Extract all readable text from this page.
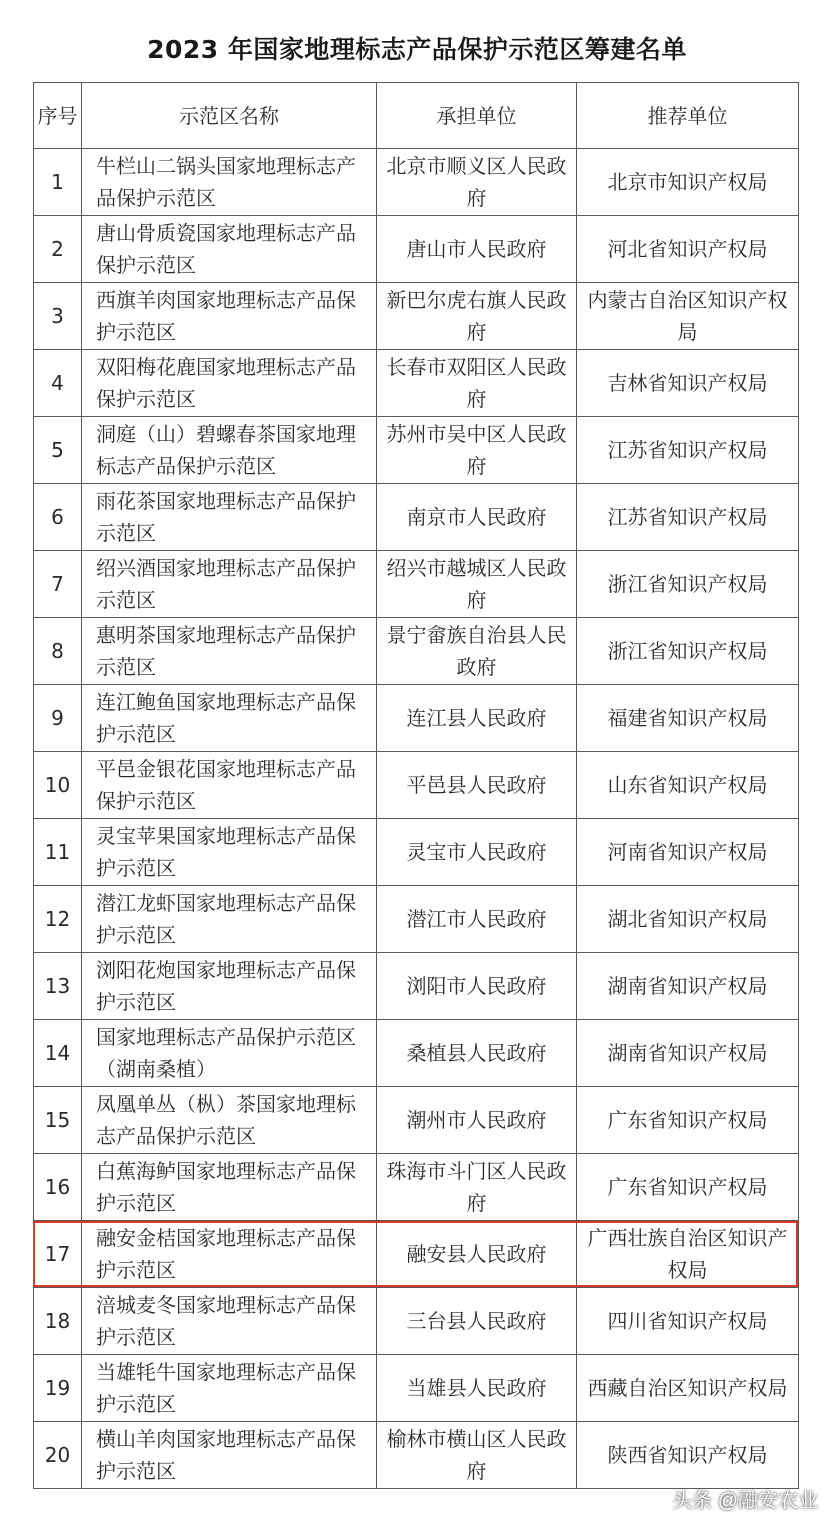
2023 年国家地理标志产品保护示范区筹建名单
序号	示范区名称	承担单位	推荐单位

1	牛栏山二锅头国家地理标志产品保护示范区	北京市顺义区人民政府	北京市知识产权局

2	唐山骨质瓷国家地理标志产品保护示范区	唐山市人民政府	河北省知识产权局

3	西旗羊肉国家地理标志产品保护示范区	新巴尔虎右旗人民政府	内蒙古自治区知识产权局

4	双阳梅花鹿国家地理标志产品保护示范区	长春市双阳区人民政府	吉林省知识产权局

5	洞庭（山）碧螺春茶国家地理标志产品保护示范区	苏州市吴中区人民政府	江苏省知识产权局

6	雨花茶国家地理标志产品保护示范区	南京市人民政府	江苏省知识产权局

7	绍兴酒国家地理标志产品保护示范区	绍兴市越城区人民政府	浙江省知识产权局

8	惠明茶国家地理标志产品保护示范区	景宁畲族自治县人民政府	浙江省知识产权局

9	连江鲍鱼国家地理标志产品保护示范区	连江县人民政府	福建省知识产权局

10	平邑金银花国家地理标志产品保护示范区	平邑县人民政府	山东省知识产权局

11	灵宝苹果国家地理标志产品保护示范区	灵宝市人民政府	河南省知识产权局

12	潜江龙虾国家地理标志产品保护示范区	潜江市人民政府	湖北省知识产权局

13	浏阳花炮国家地理标志产品保护示范区	浏阳市人民政府	湖南省知识产权局

14	国家地理标志产品保护示范区（湖南桑植）	桑植县人民政府	湖南省知识产权局

15	凤凰单丛（枞）茶国家地理标志产品保护示范区	潮州市人民政府	广东省知识产权局

16	白蕉海鲈国家地理标志产品保护示范区	珠海市斗门区人民政府	广东省知识产权局

17	融安金桔国家地理标志产品保护示范区	融安县人民政府	广西壮族自治区知识产权局

18	涪城麦冬国家地理标志产品保护示范区	三台县人民政府	四川省知识产权局

19	当雄牦牛国家地理标志产品保护示范区	当雄县人民政府	西藏自治区知识产权局

20	横山羊肉国家地理标志产品保护示范区	榆林市横山区人民政府	陕西省知识产权局
头条 @融安农业
